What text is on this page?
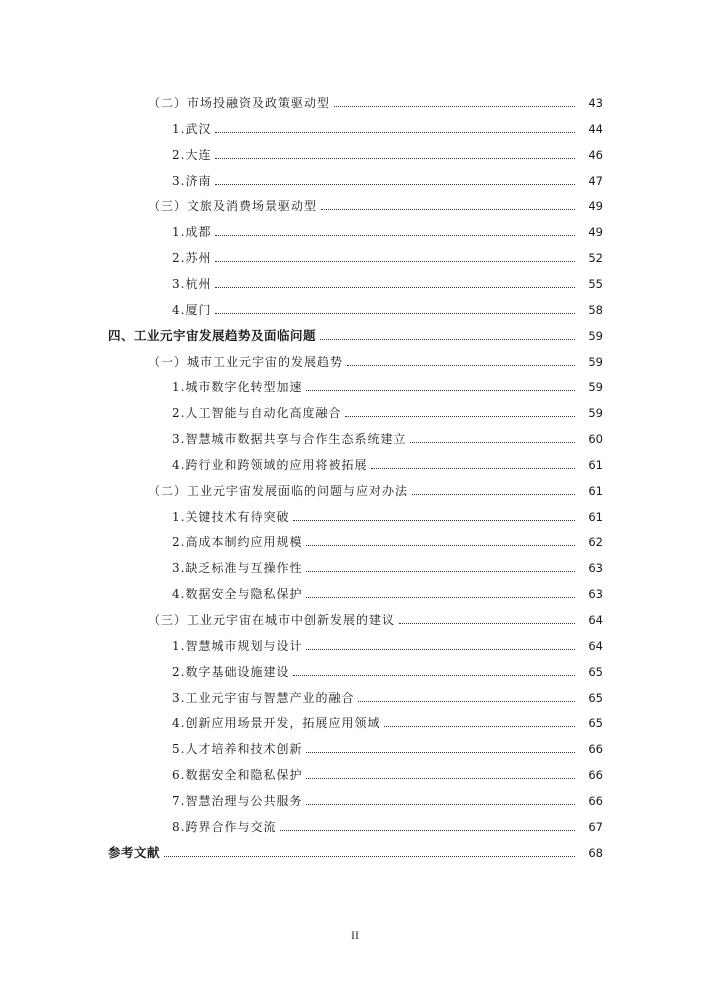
（二）市场投融资及政策驱动型	43
1.武汉	44
2.大连	46
3.济南	47
（三）文旅及消费场景驱动型	49
1.成都	49
2.苏州	52
3.杭州	55
4.厦门	58
四、工业元宇宙发展趋势及面临问题	59
（一）城市工业元宇宙的发展趋势	59
1.城市数字化转型加速	59
2.人工智能与自动化高度融合	59
3.智慧城市数据共享与合作生态系统建立	60
4.跨行业和跨领域的应用将被拓展	61
（二）工业元宇宙发展面临的问题与应对办法	61
1.关键技术有待突破	61
2.高成本制约应用规模	62
3.缺乏标准与互操作性	63
4.数据安全与隐私保护	63
（三）工业元宇宙在城市中创新发展的建议	64
1.智慧城市规划与设计	64
2.数字基础设施建设	65
3.工业元宇宙与智慧产业的融合	65
4.创新应用场景开发，拓展应用领域	65
5.人才培养和技术创新	66
6.数据安全和隐私保护	66
7.智慧治理与公共服务	66
8.跨界合作与交流	67
参考文献	68
II
